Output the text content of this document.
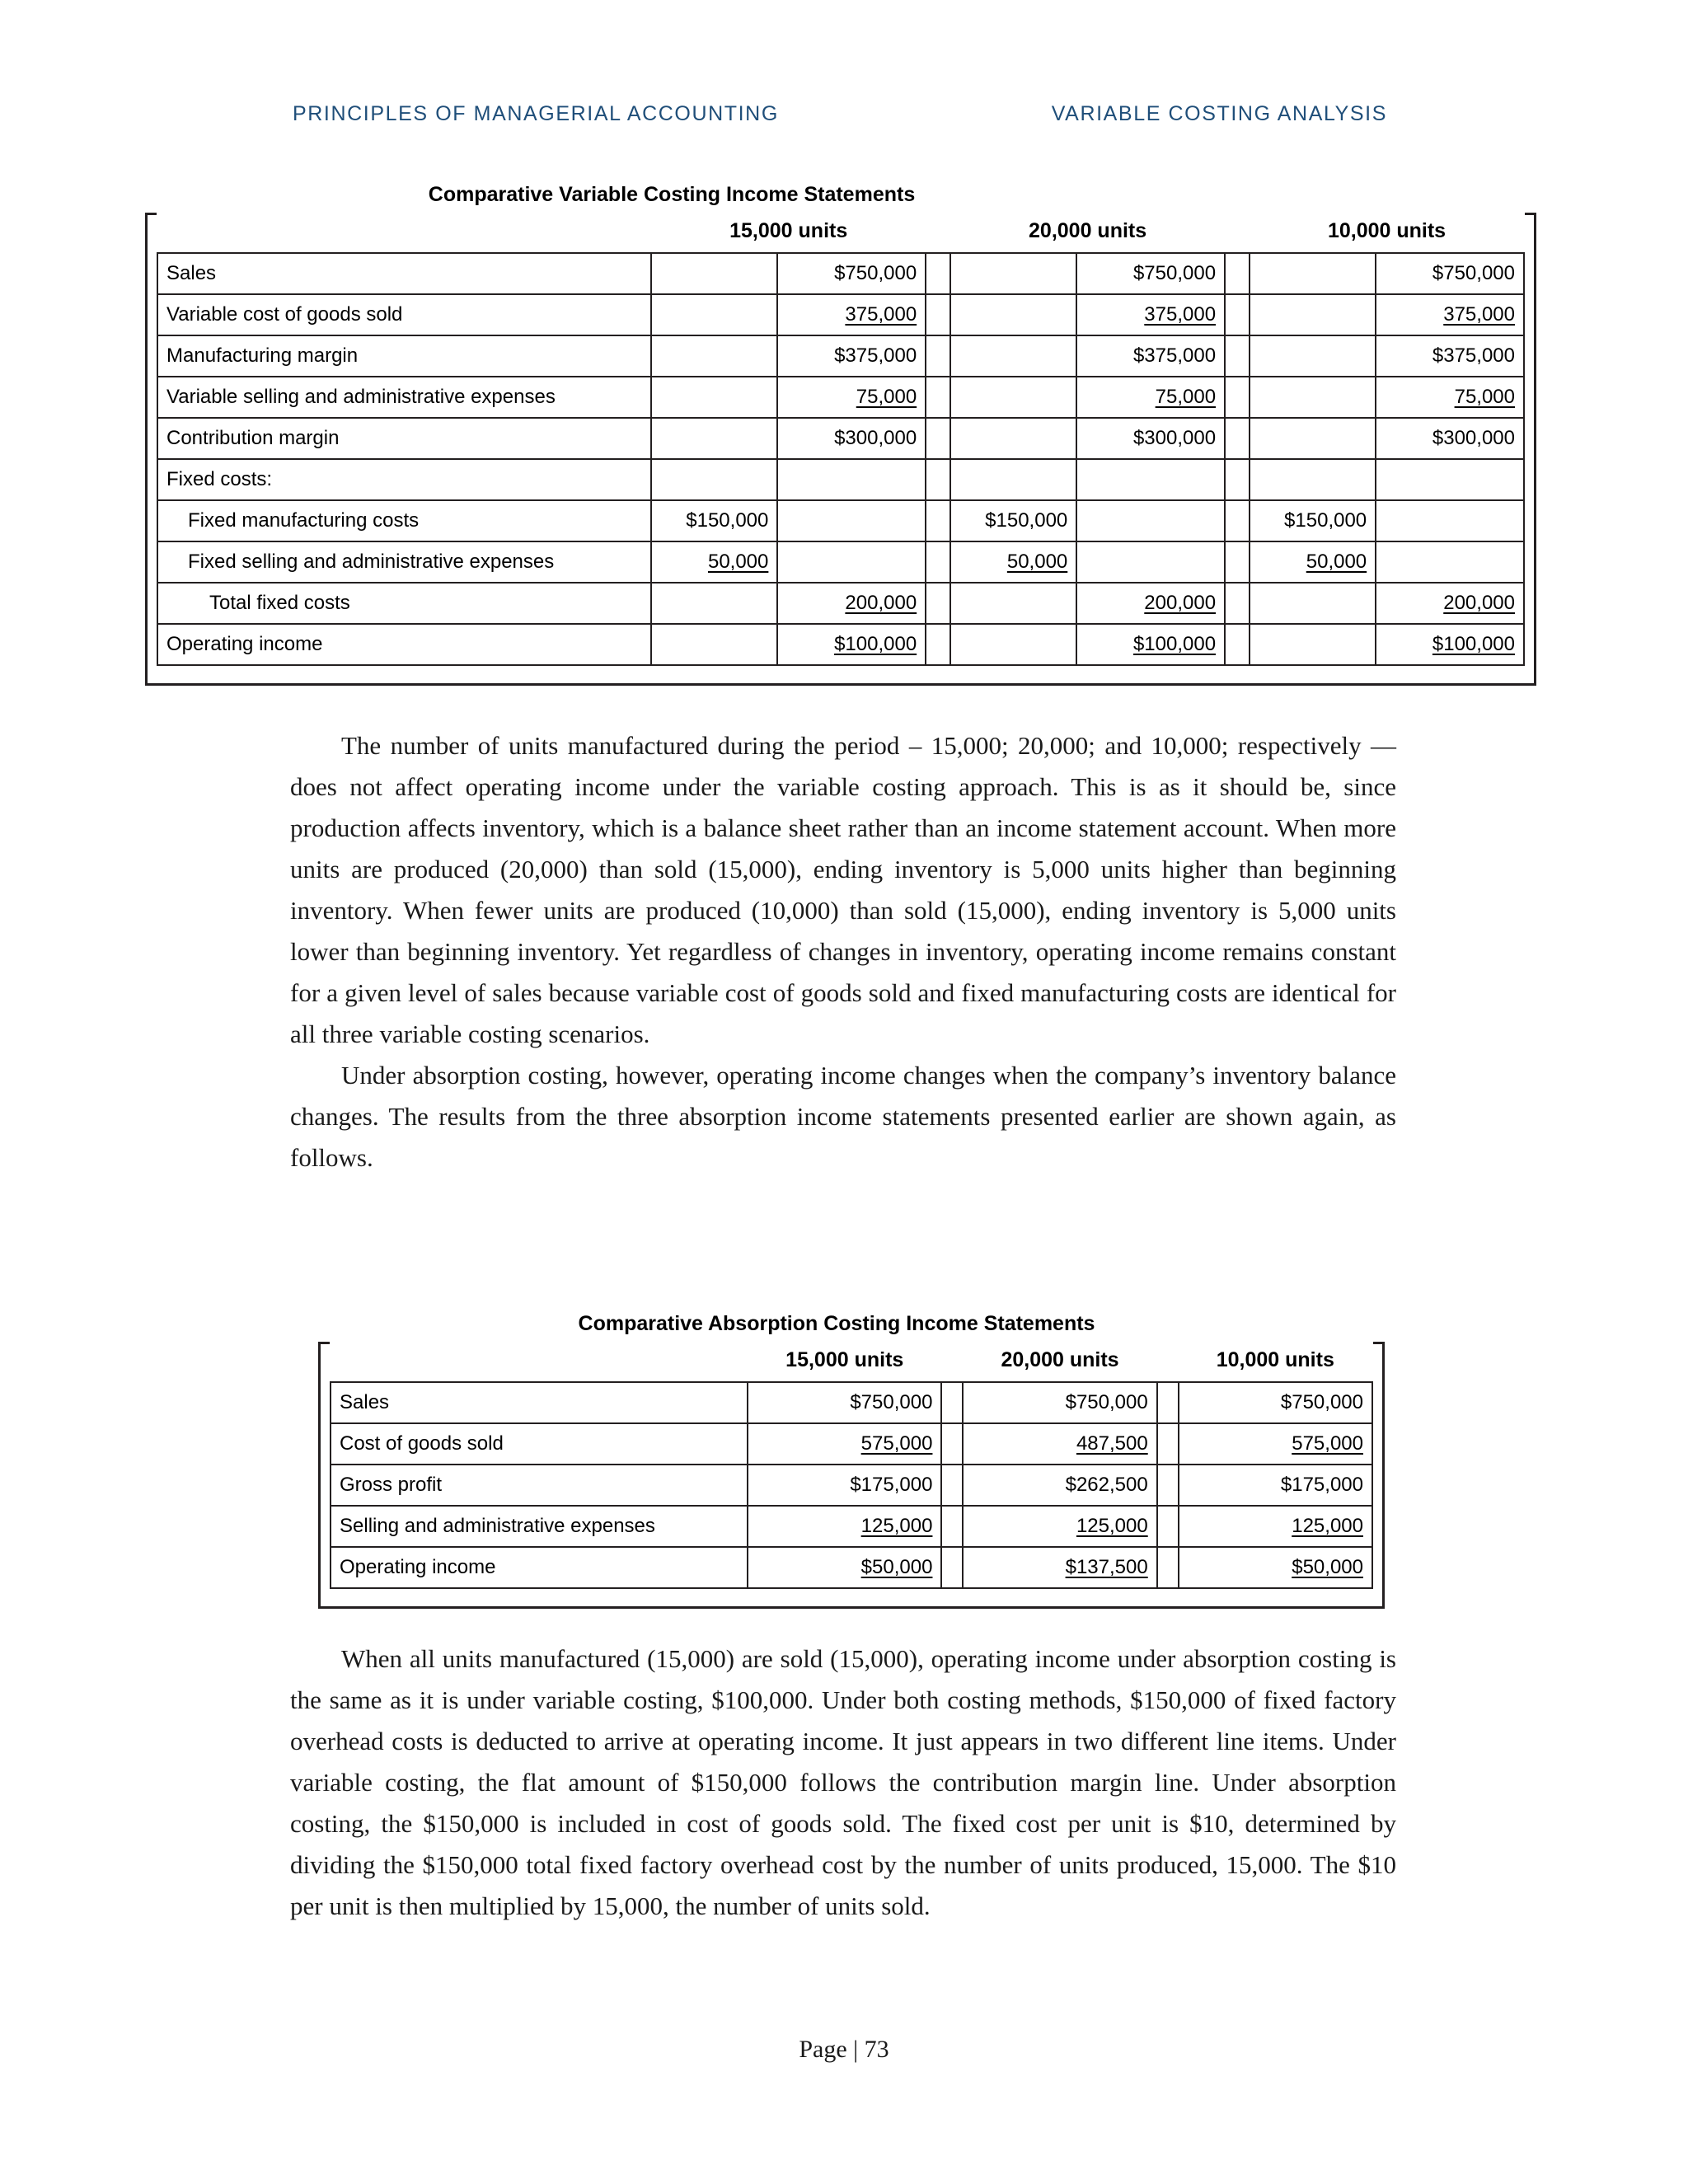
PRINCIPLES OF MANAGERIAL ACCOUNTING	VARIABLE COSTING ANALYSIS
Comparative Variable Costing Income Statements
	15,000 units			20,000 units			10,000 units	
Sales		$750,000			$750,000			$750,000
Variable cost of goods sold		375,000			375,000			375,000
Manufacturing margin		$375,000			$375,000			$375,000
Variable selling and administrative expenses		75,000			75,000			75,000
Contribution margin		$300,000			$300,000			$300,000
Fixed costs:								
Fixed manufacturing costs	$150,000			$150,000			$150,000	
Fixed selling and administrative expenses	50,000			50,000			50,000	
Total fixed costs		200,000			200,000			200,000
Operating income		$100,000			$100,000			$100,000

The number of units manufactured during the period – 15,000; 20,000; and 10,000; respectively — does not affect operating income under the variable costing approach. This is as it should be, since production affects inventory, which is a balance sheet rather than an income statement account. When more units are produced (20,000) than sold (15,000), ending inventory is 5,000 units higher than beginning inventory. When fewer units are produced (10,000) than sold (15,000), ending inventory is 5,000 units lower than beginning inventory. Yet regardless of changes in inventory, operating income remains constant for a given level of sales because variable cost of goods sold and fixed manufacturing costs are identical for all three variable costing scenarios.

Under absorption costing, however, operating income changes when the company’s inventory balance changes. The results from the three absorption income statements presented earlier are shown again, as follows.

Comparative Absorption Costing Income Statements
	15,000 units		20,000 units		10,000 units
Sales	$750,000		$750,000		$750,000
Cost of goods sold	575,000		487,500		575,000
Gross profit	$175,000		$262,500		$175,000
Selling and administrative expenses	125,000		125,000		125,000
Operating income	$50,000		$137,500		$50,000

When all units manufactured (15,000) are sold (15,000), operating income under absorption costing is the same as it is under variable costing, $100,000. Under both costing methods, $150,000 of fixed factory overhead costs is deducted to arrive at operating income. It just appears in two different line items. Under variable costing, the flat amount of $150,000 follows the contribution margin line. Under absorption costing, the $150,000 is included in cost of goods sold. The fixed cost per unit is $10, determined by dividing the $150,000 total fixed factory overhead cost by the number of units produced, 15,000. The $10 per unit is then multiplied by 15,000, the number of units sold.

Page | 73
